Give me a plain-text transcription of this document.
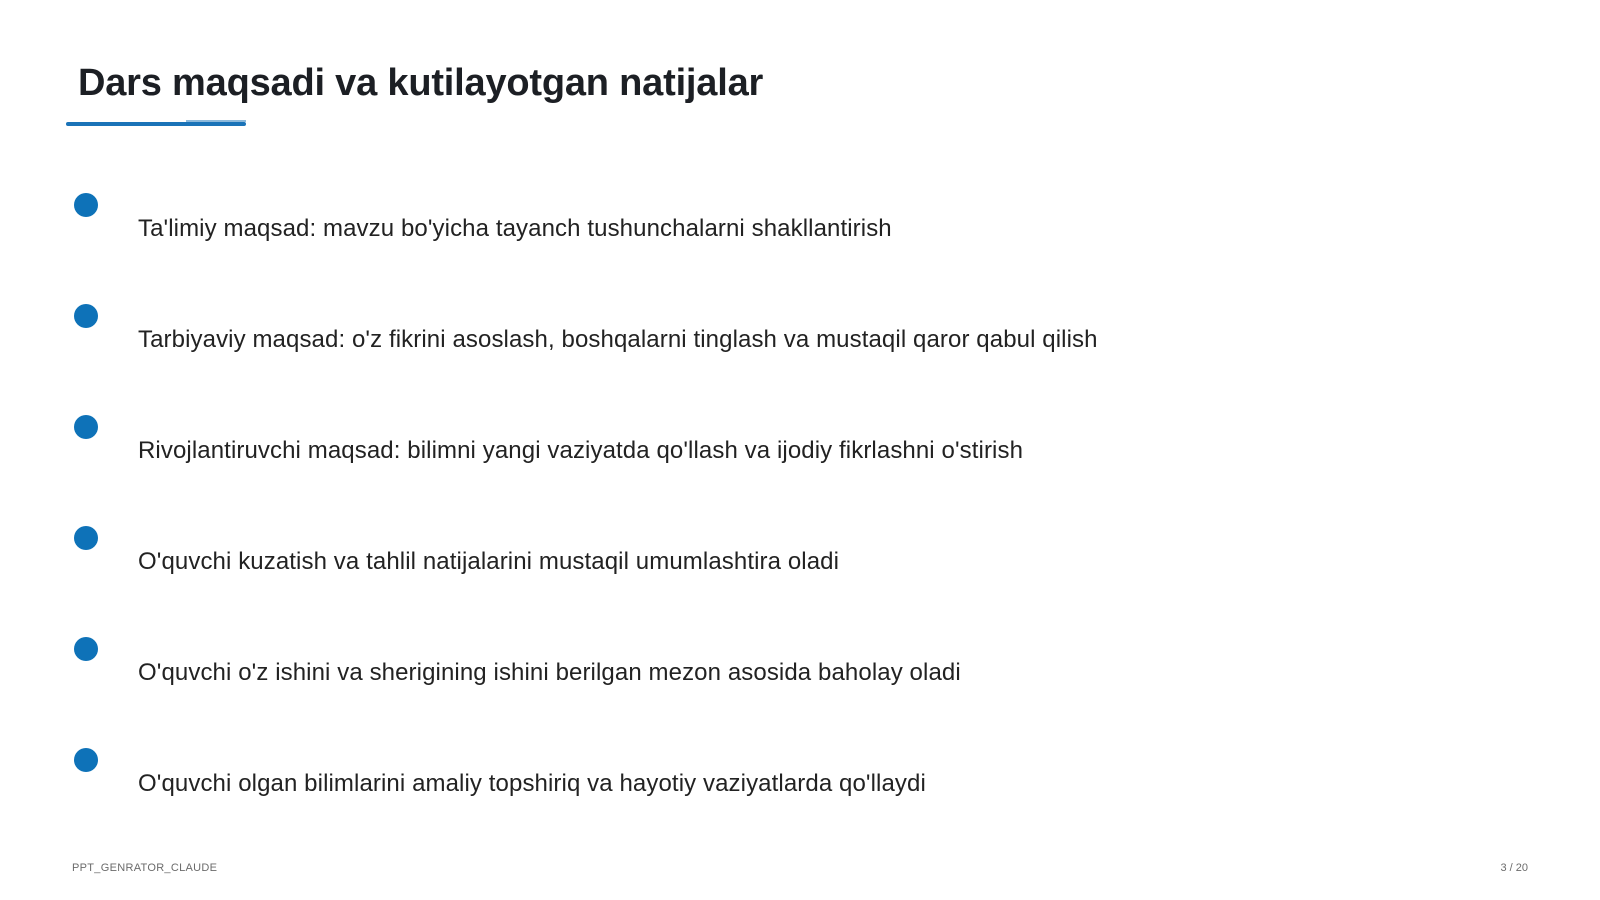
Dars maqsadi va kutilayotgan natijalar
Ta'limiy maqsad: mavzu bo'yicha tayanch tushunchalarni shakllantirish
Tarbiyaviy maqsad: o'z fikrini asoslash, boshqalarni tinglash va mustaqil qaror qabul qilish
Rivojlantiruvchi maqsad: bilimni yangi vaziyatda qo'llash va ijodiy fikrlashni o'stirish
O'quvchi kuzatish va tahlil natijalarini mustaqil umumlashtira oladi
O'quvchi o'z ishini va sherigining ishini berilgan mezon asosida baholay oladi
O'quvchi olgan bilimlarini amaliy topshiriq va hayotiy vaziyatlarda qo'llaydi
PPT_GENRATOR_CLAUDE	3 / 20
